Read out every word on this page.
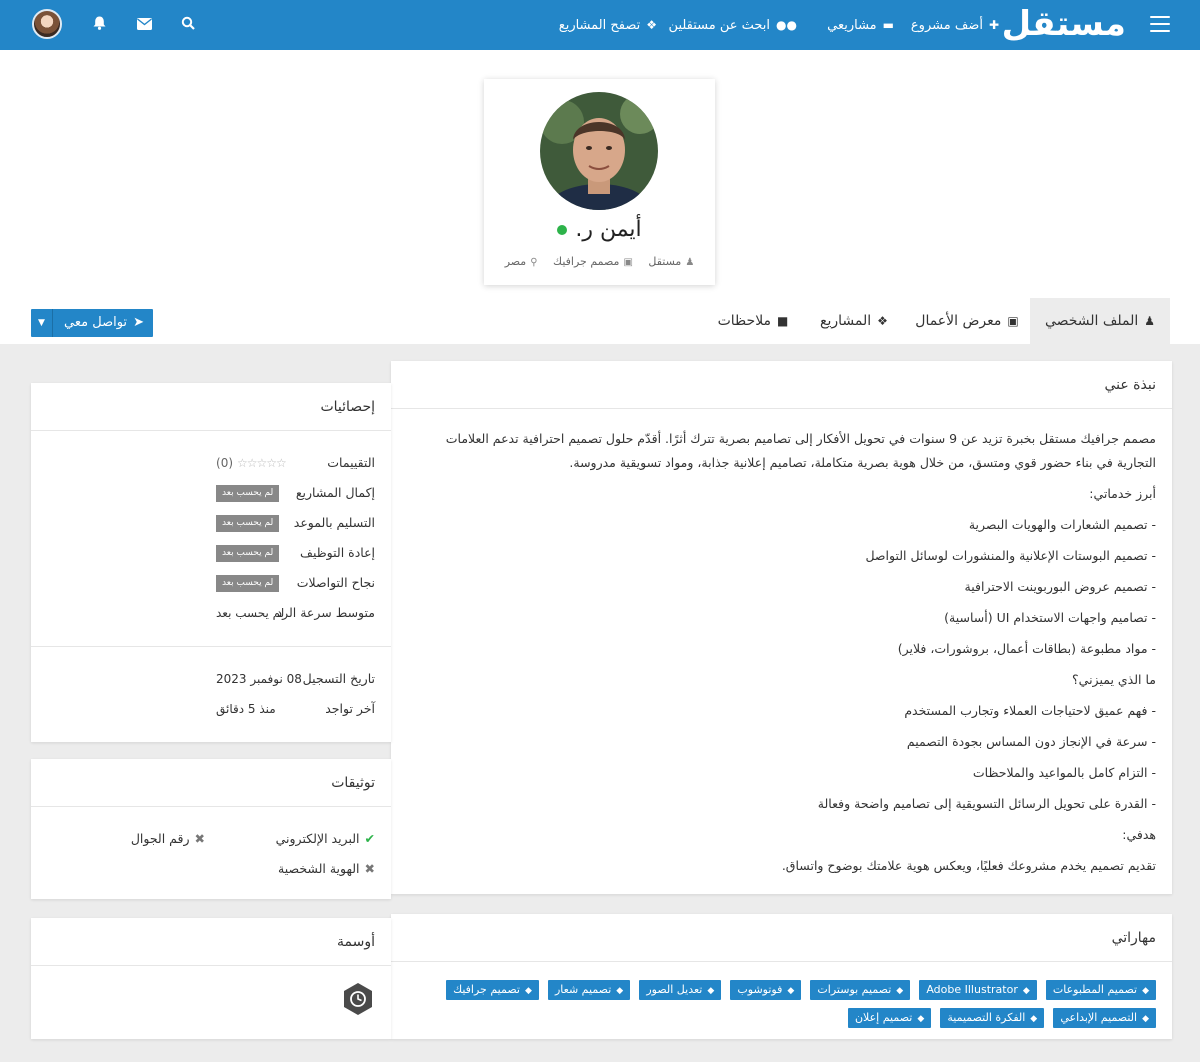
مستقل
✚أضف مشروع
▬مشاريعي
●●ابحث عن مستقلين
❖تصفح المشاريع
أيمن ر.
♟مستقل ▣مصمم جرافيك ⚲مصر
♟الملف الشخصي
▣معرض الأعمال
❖المشاريع
■ملاحظات
➤تواصل معي
▼
نبذة عني

مصمم جرافيك مستقل بخبرة تزيد عن 9 سنوات في تحويل الأفكار إلى تصاميم بصرية تترك أثرًا. أقدّم حلول تصميم احترافية تدعم العلامات التجارية في بناء حضور قوي ومتسق، من خلال هوية بصرية متكاملة، تصاميم إعلانية جذابة، ومواد تسويقية مدروسة.

أبرز خدماتي:

- تصميم الشعارات والهويات البصرية

- تصميم البوستات الإعلانية والمنشورات لوسائل التواصل

- تصميم عروض البوربوينت الاحترافية

- تصاميم واجهات الاستخدام UI (أساسية)

- مواد مطبوعة (بطاقات أعمال، بروشورات، فلاير)

ما الذي يميزني؟

- فهم عميق لاحتياجات العملاء وتجارب المستخدم

- سرعة في الإنجاز دون المساس بجودة التصميم

- التزام كامل بالمواعيد والملاحظات

- القدرة على تحويل الرسائل التسويقية إلى تصاميم واضحة وفعالة

هدفي:

تقديم تصميم يخدم مشروعك فعليًا، ويعكس هوية علامتك بوضوح واتساق.

مهاراتي
◆تصميم المطبوعات ◆Adobe Illustrator ◆تصميم بوسترات ◆فوتوشوب ◆تعديل الصور ◆تصميم شعار ◆تصميم جرافيك
◆التصميم الإبداعي ◆الفكرة التصميمية ◆تصميم إعلان
إحصائيات
التقييمات
☆☆☆☆☆(0)
إكمال المشاريع
لم يحسب بعد
التسليم بالموعد
لم يحسب بعد
إعادة التوظيف
لم يحسب بعد
نجاح التواصلات
لم يحسب بعد
متوسط سرعة الرد
لم يحسب بعد
تاريخ التسجيل
08 نوفمبر 2023
آخر تواجد
منذ 5 دقائق
توثيقات
✔البريد الإلكتروني
✖رقم الجوال
✖الهوية الشخصية
أوسمة
